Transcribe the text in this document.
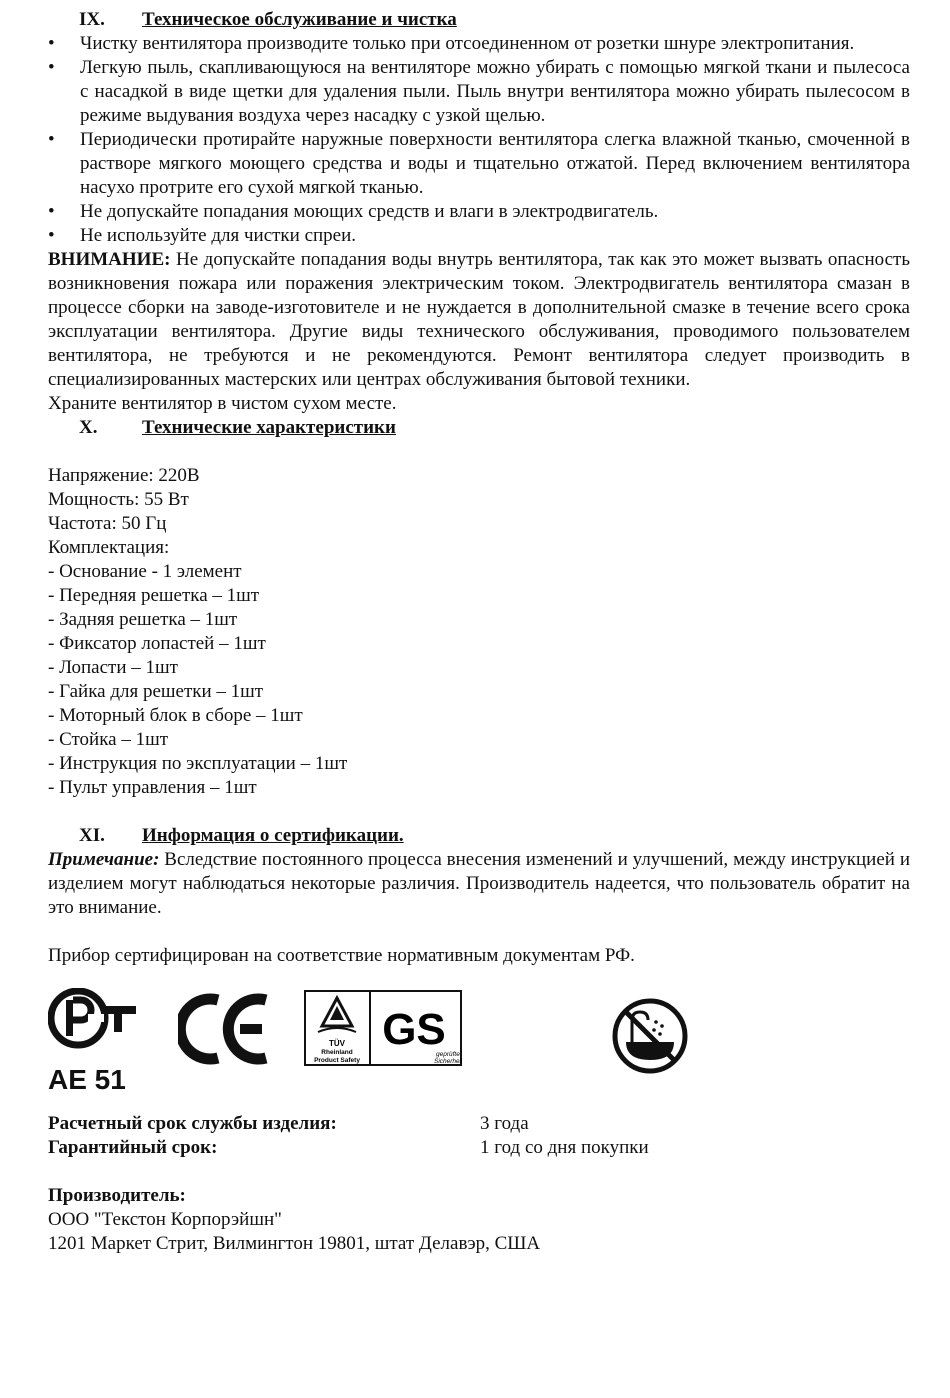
IX.	Техническое обслуживание и чистка
• Чистку вентилятора производите только при отсоединенном от розетки шнуре электропитания.
• Легкую пыль, скапливающуюся на вентиляторе можно убирать с помощью мягкой ткани и пылесоса с насадкой в виде щетки для удаления пыли. Пыль внутри вентилятора можно убирать пылесосом в режиме выдувания воздуха через насадку с узкой щелью.
• Периодически протирайте наружные поверхности вентилятора слегка влажной тканью, смоченной в растворе мягкого моющего средства и воды и тщательно отжатой. Перед включением вентилятора насухо протрите его сухой мягкой тканью.
• Не допускайте попадания моющих средств и влаги в электродвигатель.
• Не используйте для чистки спреи.
ВНИМАНИЕ: Не допускайте попадания воды внутрь вентилятора, так как это может вызвать опасность возникновения пожара или поражения электрическим током. Электродвигатель вентилятора смазан в процессе сборки на заводе-изготовителе и не нуждается в дополнительной смазке в течение всего срока эксплуатации вентилятора. Другие виды технического обслуживания, проводимого пользователем вентилятора, не требуются и не рекомендуются. Ремонт вентилятора следует производить в специализированных мастерских или центрах обслуживания бытовой техники.
Храните вентилятор в чистом сухом месте.
X.	Технические характеристики
Напряжение: 220В
Мощность: 55 Вт
Частота: 50 Гц
Комплектация:
- Основание - 1 элемент
- Передняя решетка – 1шт
- Задняя решетка – 1шт
- Фиксатор лопастей – 1шт
- Лопасти – 1шт
- Гайка для решетки – 1шт
- Моторный блок в сборе – 1шт
- Стойка – 1шт
- Инструкция по эксплуатации – 1шт
- Пульт управления – 1шт
XI.	Информация о сертификации.
Примечание: Вследствие постоянного процесса внесения изменений и улучшений, между инструкцией и изделием могут наблюдаться некоторые различия. Производитель надеется, что пользователь обратит на это внимание.
Прибор сертифицирован на соответствие нормативным документам РФ.
AE 51
TÜV
Rheinland
Product Safety
GS
geprüfte
Sicherheit
Расчетный срок службы изделия:	3 года
Гарантийный срок:	1 год со дня покупки
Производитель:
ООО "Текстон Корпорэйшн"
1201 Маркет Стрит, Вилмингтон 19801, штат Делавэр, США
